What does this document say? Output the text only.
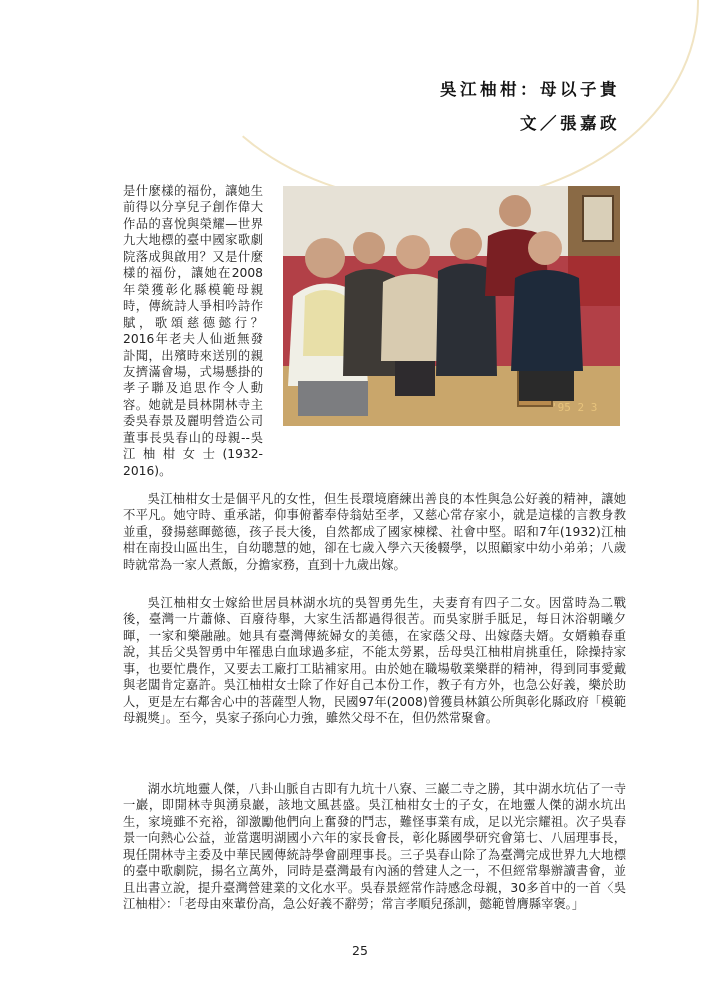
吳江柚柑：母以子貴
文／張嘉政

是什麼樣的福份，讓她生前得以分享兒子創作偉大作品的喜悅與榮耀—世界九大地標的臺中國家歌劇院落成與啟用？又是什麼樣的福份，讓她在2008年榮獲彰化縣模範母親時，傳統詩人爭相吟詩作賦，歌頌慈德懿行？2016年老夫人仙逝無發訃聞，出殯時來送別的親友擠滿會場，式場懸掛的孝子聯及追思作令人動容。她就是員林開林寺主委吳春景及麗明營造公司董事長吳春山的母親--吳江柚柑女士(1932-2016)。

'95 2 3

吳江柚柑女士是個平凡的女性，但生長環境磨練出善良的本性與急公好義的精神，讓她不平凡。她守時、重承諾，仰事俯蓄奉侍翁姑至孝，又慈心常存家小，就是這樣的言教身教並重，發揚慈暉懿德，孩子長大後，自然都成了國家棟樑、社會中堅。昭和7年(1932)江柚柑在南投山區出生，自幼聰慧的她，卻在七歲入學六天後輟學，以照顧家中幼小弟弟；八歲時就常為一家人煮飯，分擔家務，直到十九歲出嫁。

吳江柚柑女士嫁給世居員林湖水坑的吳智勇先生，夫妻育有四子二女。因當時為二戰後，臺灣一片蕭條、百廢待舉，大家生活都過得很苦。而吳家胼手胝足，每日沐浴朝曦夕暉，一家和樂融融。她具有臺灣傳統婦女的美德，在家蔭父母、出嫁蔭夫婿。女婿賴春重說，其岳父吳智勇中年罹患白血球過多症，不能太勞累，岳母吳江柚柑肩挑重任，除操持家事，也要忙農作，又要去工廠打工貼補家用。由於她在職場敬業樂群的精神，得到同事愛戴與老闆肯定嘉許。吳江柚柑女士除了作好自己本份工作，教子有方外，也急公好義，樂於助人，更是左右鄰舍心中的菩薩型人物，民國97年(2008)曾獲員林鎮公所與彰化縣政府「模範母親獎」。至今，吳家子孫向心力強，雖然父母不在，但仍然常聚會。

湖水坑地靈人傑，八卦山脈自古即有九坑十八寮、三巖二寺之勝，其中湖水坑佔了一寺一巖，即開林寺與湧泉巖，該地文風甚盛。吳江柚柑女士的子女，在地靈人傑的湖水坑出生，家境雖不充裕，卻激勵他們向上奮發的鬥志，難怪事業有成，足以光宗耀祖。次子吳春景一向熱心公益，並當選明湖國小六年的家長會長，彰化縣國學研究會第七、八屆理事長，現任開林寺主委及中華民國傳統詩學會副理事長。三子吳春山除了為臺灣完成世界九大地標的臺中歌劇院，揚名立萬外，同時是臺灣最有內涵的營建人之一，不但經常舉辦讀書會，並且出書立說，提升臺灣營建業的文化水平。吳春景經常作詩感念母親，30多首中的一首〈吳江柚柑〉：「老母由來輩份高，急公好義不辭勞；常言孝順兒孫訓，懿範曾膺縣宰褒。」

25
